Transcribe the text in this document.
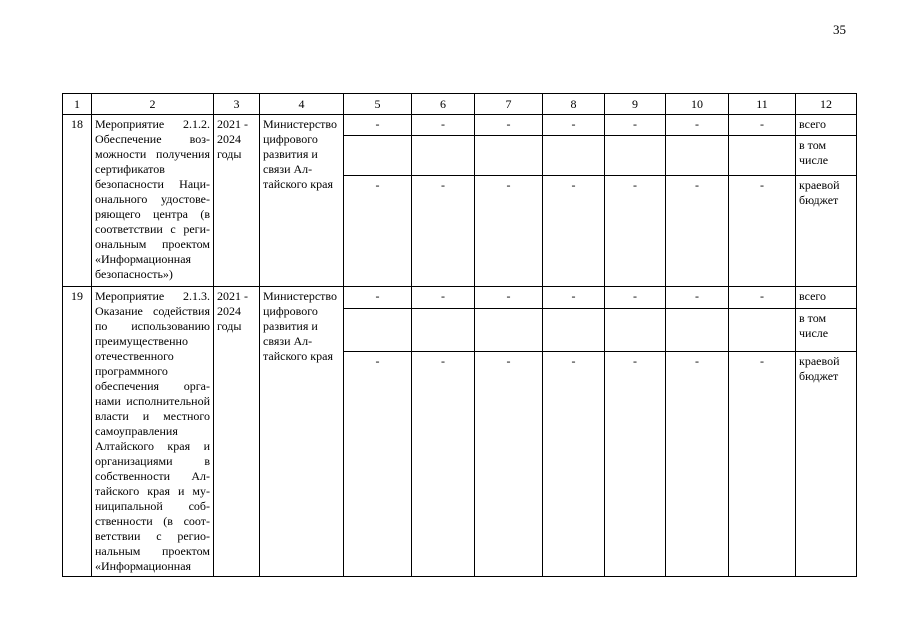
35
1	2	3	4	5	6	7	8	9	10	11	12
18	Мероприятие 2.1.2. Обеспечение возможности получения сертификатов безопасности Национального удостоверяющего центра (в соответствии с региональным проектом «Информационная безопасность»)	2021 - 2024 годы	Министерство цифрового развития и связи Алтайского края	-	-	-	-	-	-	-	всего
											в том числе
				-	-	-	-	-	-	-	краевой бюджет
19	Мероприятие 2.1.3. Оказание содействия по использованию преимущественно отечественного программного обеспечения органами исполнительной власти и местного самоуправления Алтайского края и организациями в собственности Алтайского края и муниципальной собственности (в соответствии с региональным проектом «Информационная	2021 - 2024 годы	Министерство цифрового развития и связи Алтайского края	-	-	-	-	-	-	-	всего
											в том числе
				-	-	-	-	-	-	-	краевой бюджет
